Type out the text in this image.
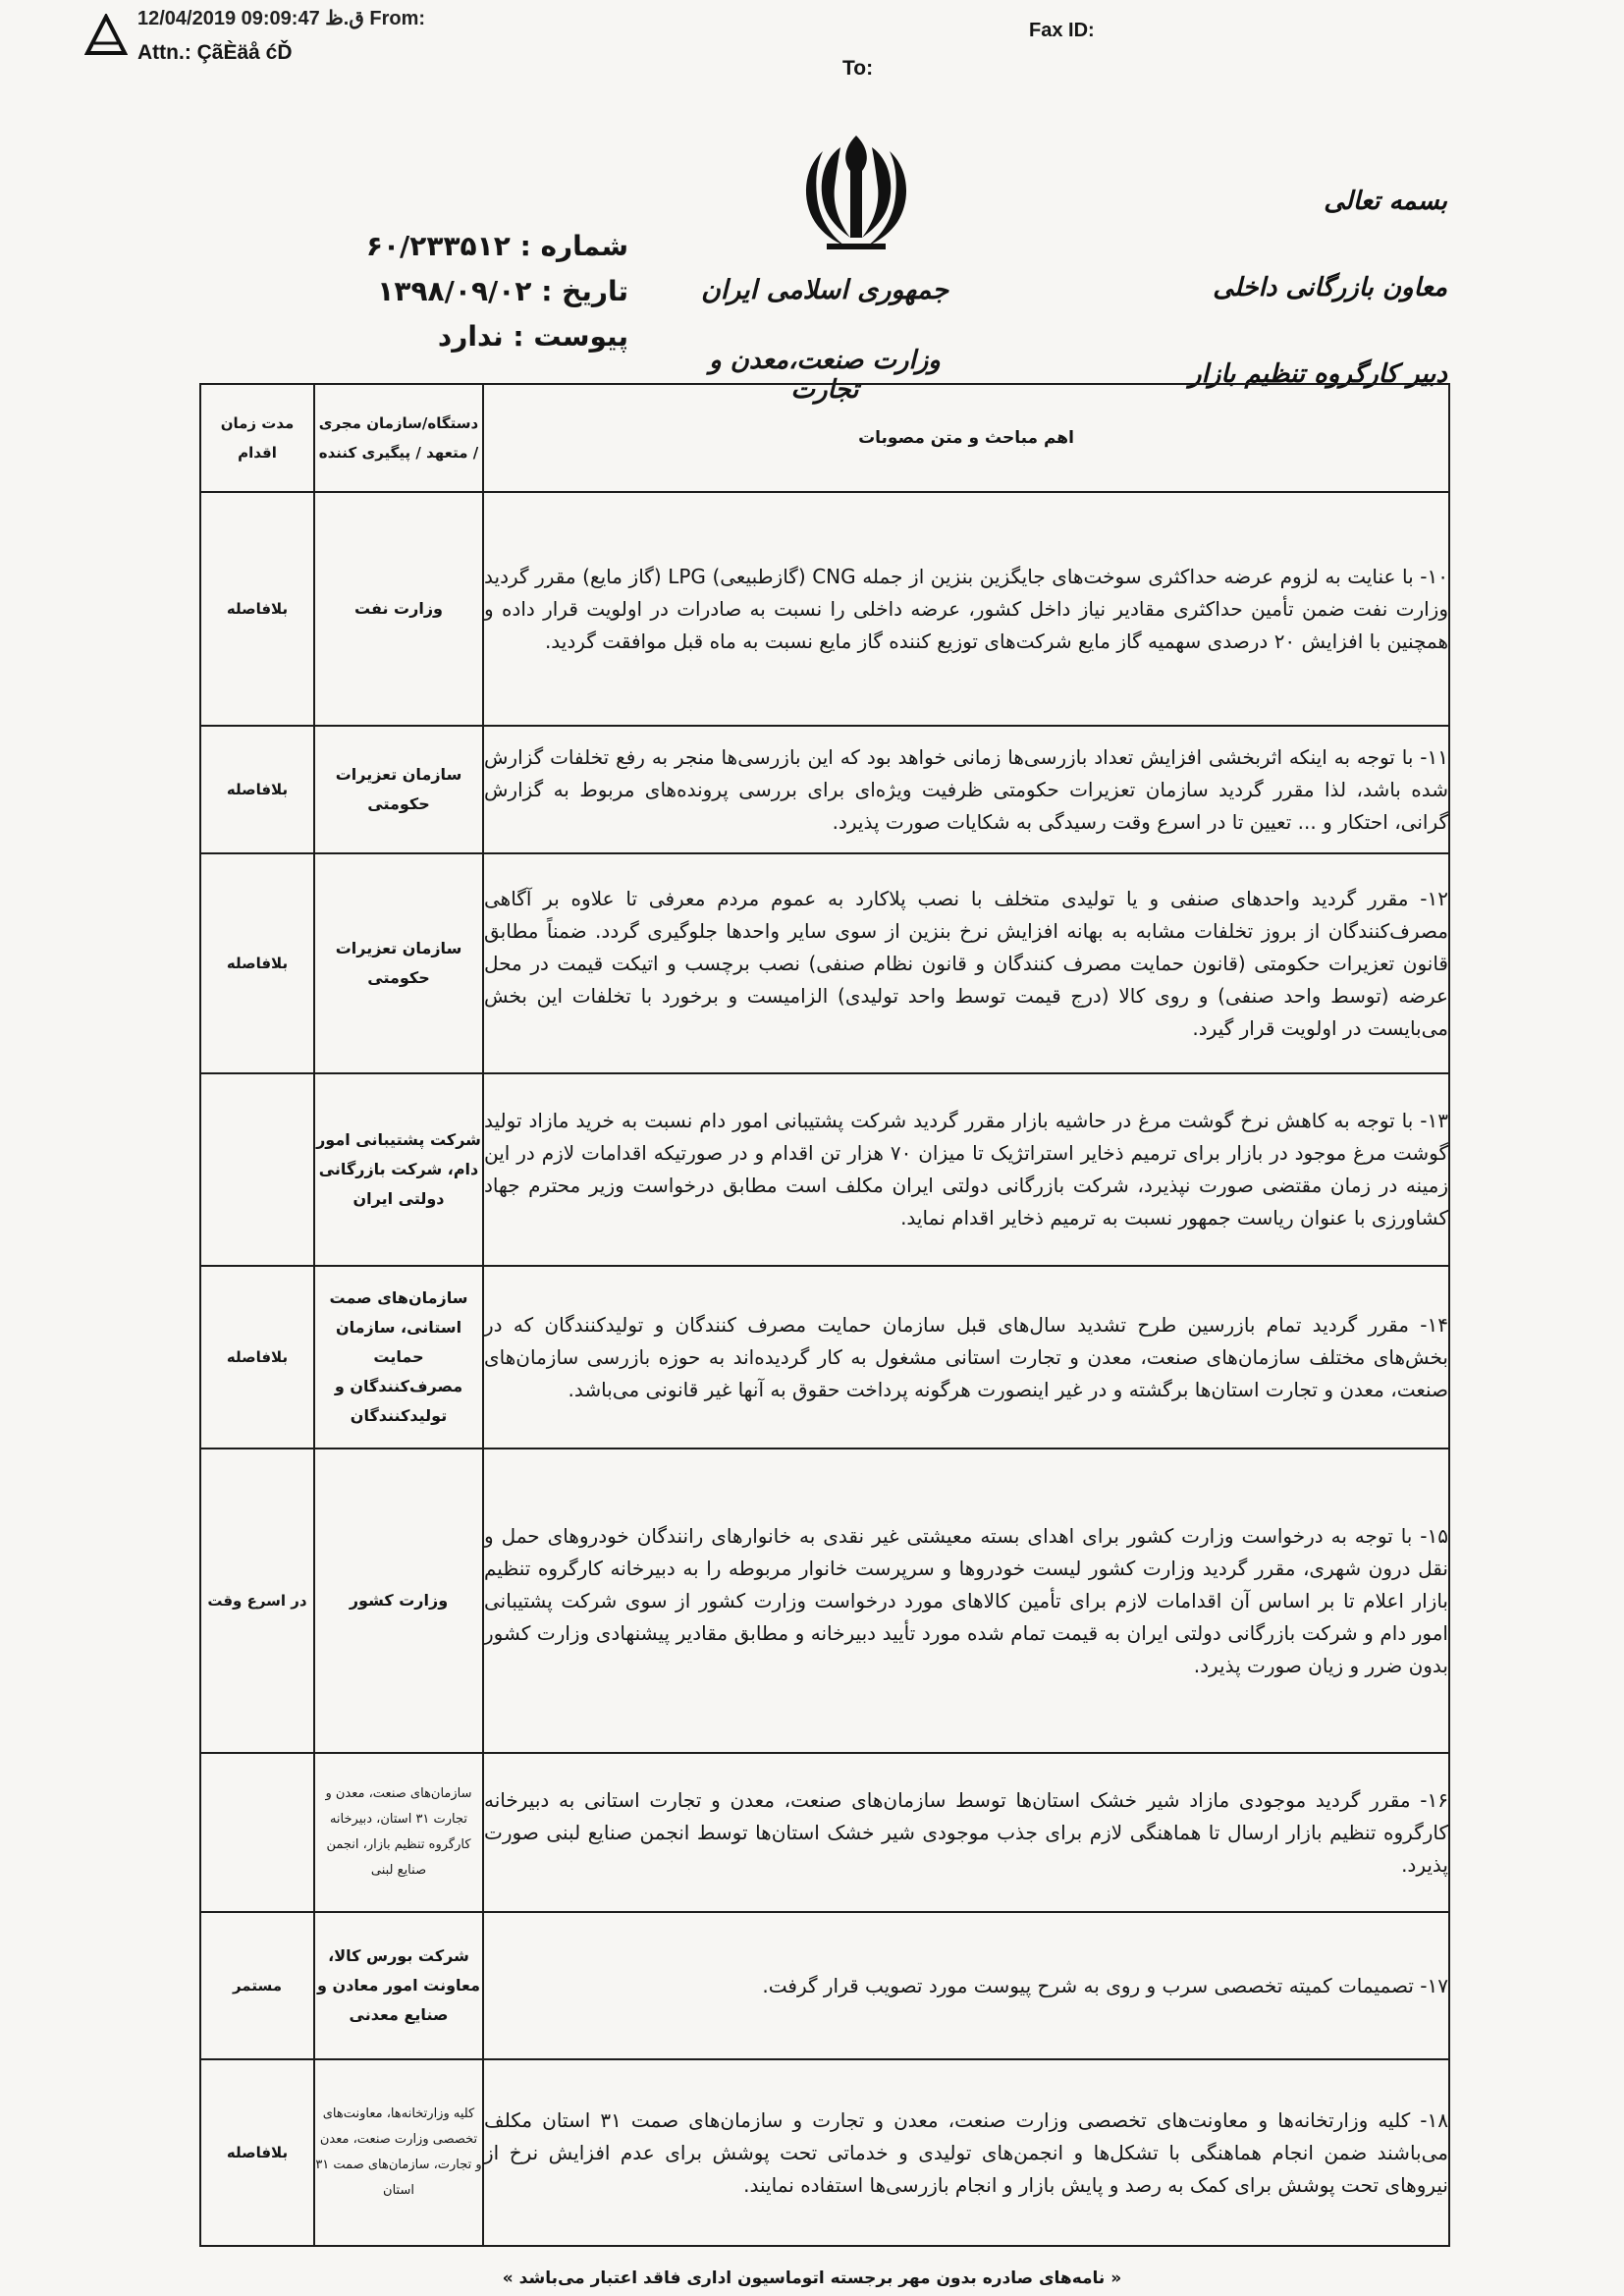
12/04/2019 09:09:47 ق.ظ From:
Attn.: ÇãÈäå ćĎ
To:
Fax ID:
جمهوری اسلامی ایران
وزارت صنعت،معدن و تجارت
شماره : ۶۰/۲۳۳۵۱۲
تاریخ : ۱۳۹۸/۰۹/۰۲
پیوست : ندارد
بسمه تعالی
معاون بازرگانی داخلی
دبیر کارگروه تنظیم بازار
اهم مباحث و متن مصوبات	دستگاه/سازمان مجری / متعهد / پیگیری کننده	مدت زمان اقدام
۱۰- با عنایت به لزوم عرضه حداکثری سوخت‌های جایگزین بنزین از جمله CNG (گازطبیعی) LPG (گاز مایع) مقرر گردید وزارت نفت ضمن تأمین حداکثری مقادیر نیاز داخل کشور، عرضه داخلی را نسبت به صادرات در اولویت قرار داده و همچنین با افزایش ۲۰ درصدی سهمیه گاز مایع شرکت‌های توزیع کننده گاز مایع نسبت به ماه قبل موافقت گردید.	وزارت نفت	بلافاصله
۱۱- با توجه به اینکه اثربخشی افزایش تعداد بازرسی‌ها زمانی خواهد بود که این بازرسی‌ها منجر به رفع تخلفات گزارش شده باشد، لذا مقرر گردید سازمان تعزیرات حکومتی ظرفیت ویژه‌ای برای بررسی پرونده‌های مربوط به گزارش گرانی، احتکار و ... تعیین تا در اسرع وقت رسیدگی به شکایات صورت پذیرد.	سازمان تعزیرات حکومتی	بلافاصله
۱۲- مقرر گردید واحدهای صنفی و یا تولیدی متخلف با نصب پلاکارد به عموم مردم معرفی تا علاوه بر آگاهی مصرف‌کنندگان از بروز تخلفات مشابه به بهانه افزایش نرخ بنزین از سوی سایر واحدها جلوگیری گردد. ضمناً مطابق قانون تعزیرات حکومتی (قانون حمایت مصرف کنندگان و قانون نظام صنفی) نصب برچسب و اتیکت قیمت در محل عرضه (توسط واحد صنفی) و روی کالا (درج قیمت توسط واحد تولیدی) الزامیست و برخورد با تخلفات این بخش می‌بایست در اولویت قرار گیرد.	سازمان تعزیرات حکومتی	بلافاصله
۱۳- با توجه به کاهش نرخ گوشت مرغ در حاشیه بازار مقرر گردید شرکت پشتیبانی امور دام نسبت به خرید مازاد تولید گوشت مرغ موجود در بازار برای ترمیم ذخایر استراتژیک تا میزان ۷۰ هزار تن اقدام و در صورتیکه اقدامات لازم در این زمینه در زمان مقتضی صورت نپذیرد، شرکت بازرگانی دولتی ایران مکلف است مطابق درخواست وزیر محترم جهاد کشاورزی با عنوان ریاست جمهور نسبت به ترمیم ذخایر اقدام نماید.	شرکت پشتیبانی امور دام، شرکت بازرگانی دولتی ایران	
۱۴- مقرر گردید تمام بازرسین طرح تشدید سال‌های قبل سازمان حمایت مصرف کنندگان و تولیدکنندگان که در بخش‌های مختلف سازمان‌های صنعت، معدن و تجارت استانی مشغول به کار گردیده‌اند به حوزه بازرسی سازمان‌های صنعت، معدن و تجارت استان‌ها برگشته و در غیر اینصورت هرگونه پرداخت حقوق به آنها غیر قانونی می‌باشد.	سازمان‌های صمت استانی، سازمان حمایت مصرف‌کنندگان و تولیدکنندگان	بلافاصله
۱۵- با توجه به درخواست وزارت کشور برای اهدای بسته معیشتی غیر نقدی به خانوارهای رانندگان خودروهای حمل و نقل درون شهری، مقرر گردید وزارت کشور لیست خودروها و سرپرست خانوار مربوطه را به دبیرخانه کارگروه تنظیم بازار اعلام تا بر اساس آن اقدامات لازم برای تأمین کالاهای مورد درخواست وزارت کشور از سوی شرکت پشتیبانی امور دام و شرکت بازرگانی دولتی ایران به قیمت تمام شده مورد تأیید دبیرخانه و مطابق مقادیر پیشنهادی وزارت کشور بدون ضرر و زیان صورت پذیرد.	وزارت کشور	در اسرع وقت
۱۶- مقرر گردید موجودی مازاد شیر خشک استان‌ها توسط سازمان‌های صنعت، معدن و تجارت استانی به دبیرخانه کارگروه تنظیم بازار ارسال تا هماهنگی لازم برای جذب موجودی شیر خشک استان‌ها توسط انجمن صنایع لبنی صورت پذیرد.	سازمان‌های صنعت، معدن و تجارت ۳۱ استان، دبیرخانه کارگروه تنظیم بازار، انجمن صنایع لبنی	
۱۷- تصمیمات کمیته تخصصی سرب و روی به شرح پیوست مورد تصویب قرار گرفت.	شرکت بورس کالا، معاونت امور معادن و صنایع معدنی	مستمر
۱۸- کلیه وزارتخانه‌ها و معاونت‌های تخصصی وزارت صنعت، معدن و تجارت و سازمان‌های صمت ۳۱ استان مکلف می‌باشند ضمن انجام هماهنگی با تشکل‌ها و انجمن‌های تولیدی و خدماتی تحت پوشش برای عدم افزایش نرخ از نیروهای تحت پوشش برای کمک به رصد و پایش بازار و انجام بازرسی‌ها استفاده نمایند.	کلیه وزارتخانه‌ها، معاونت‌های تخصصی وزارت صنعت، معدن و تجارت، سازمان‌های صمت ۳۱ استان	بلافاصله
« نامه‌های صادره بدون مهر برجسته اتوماسیون اداری فاقد اعتبار می‌باشد »
